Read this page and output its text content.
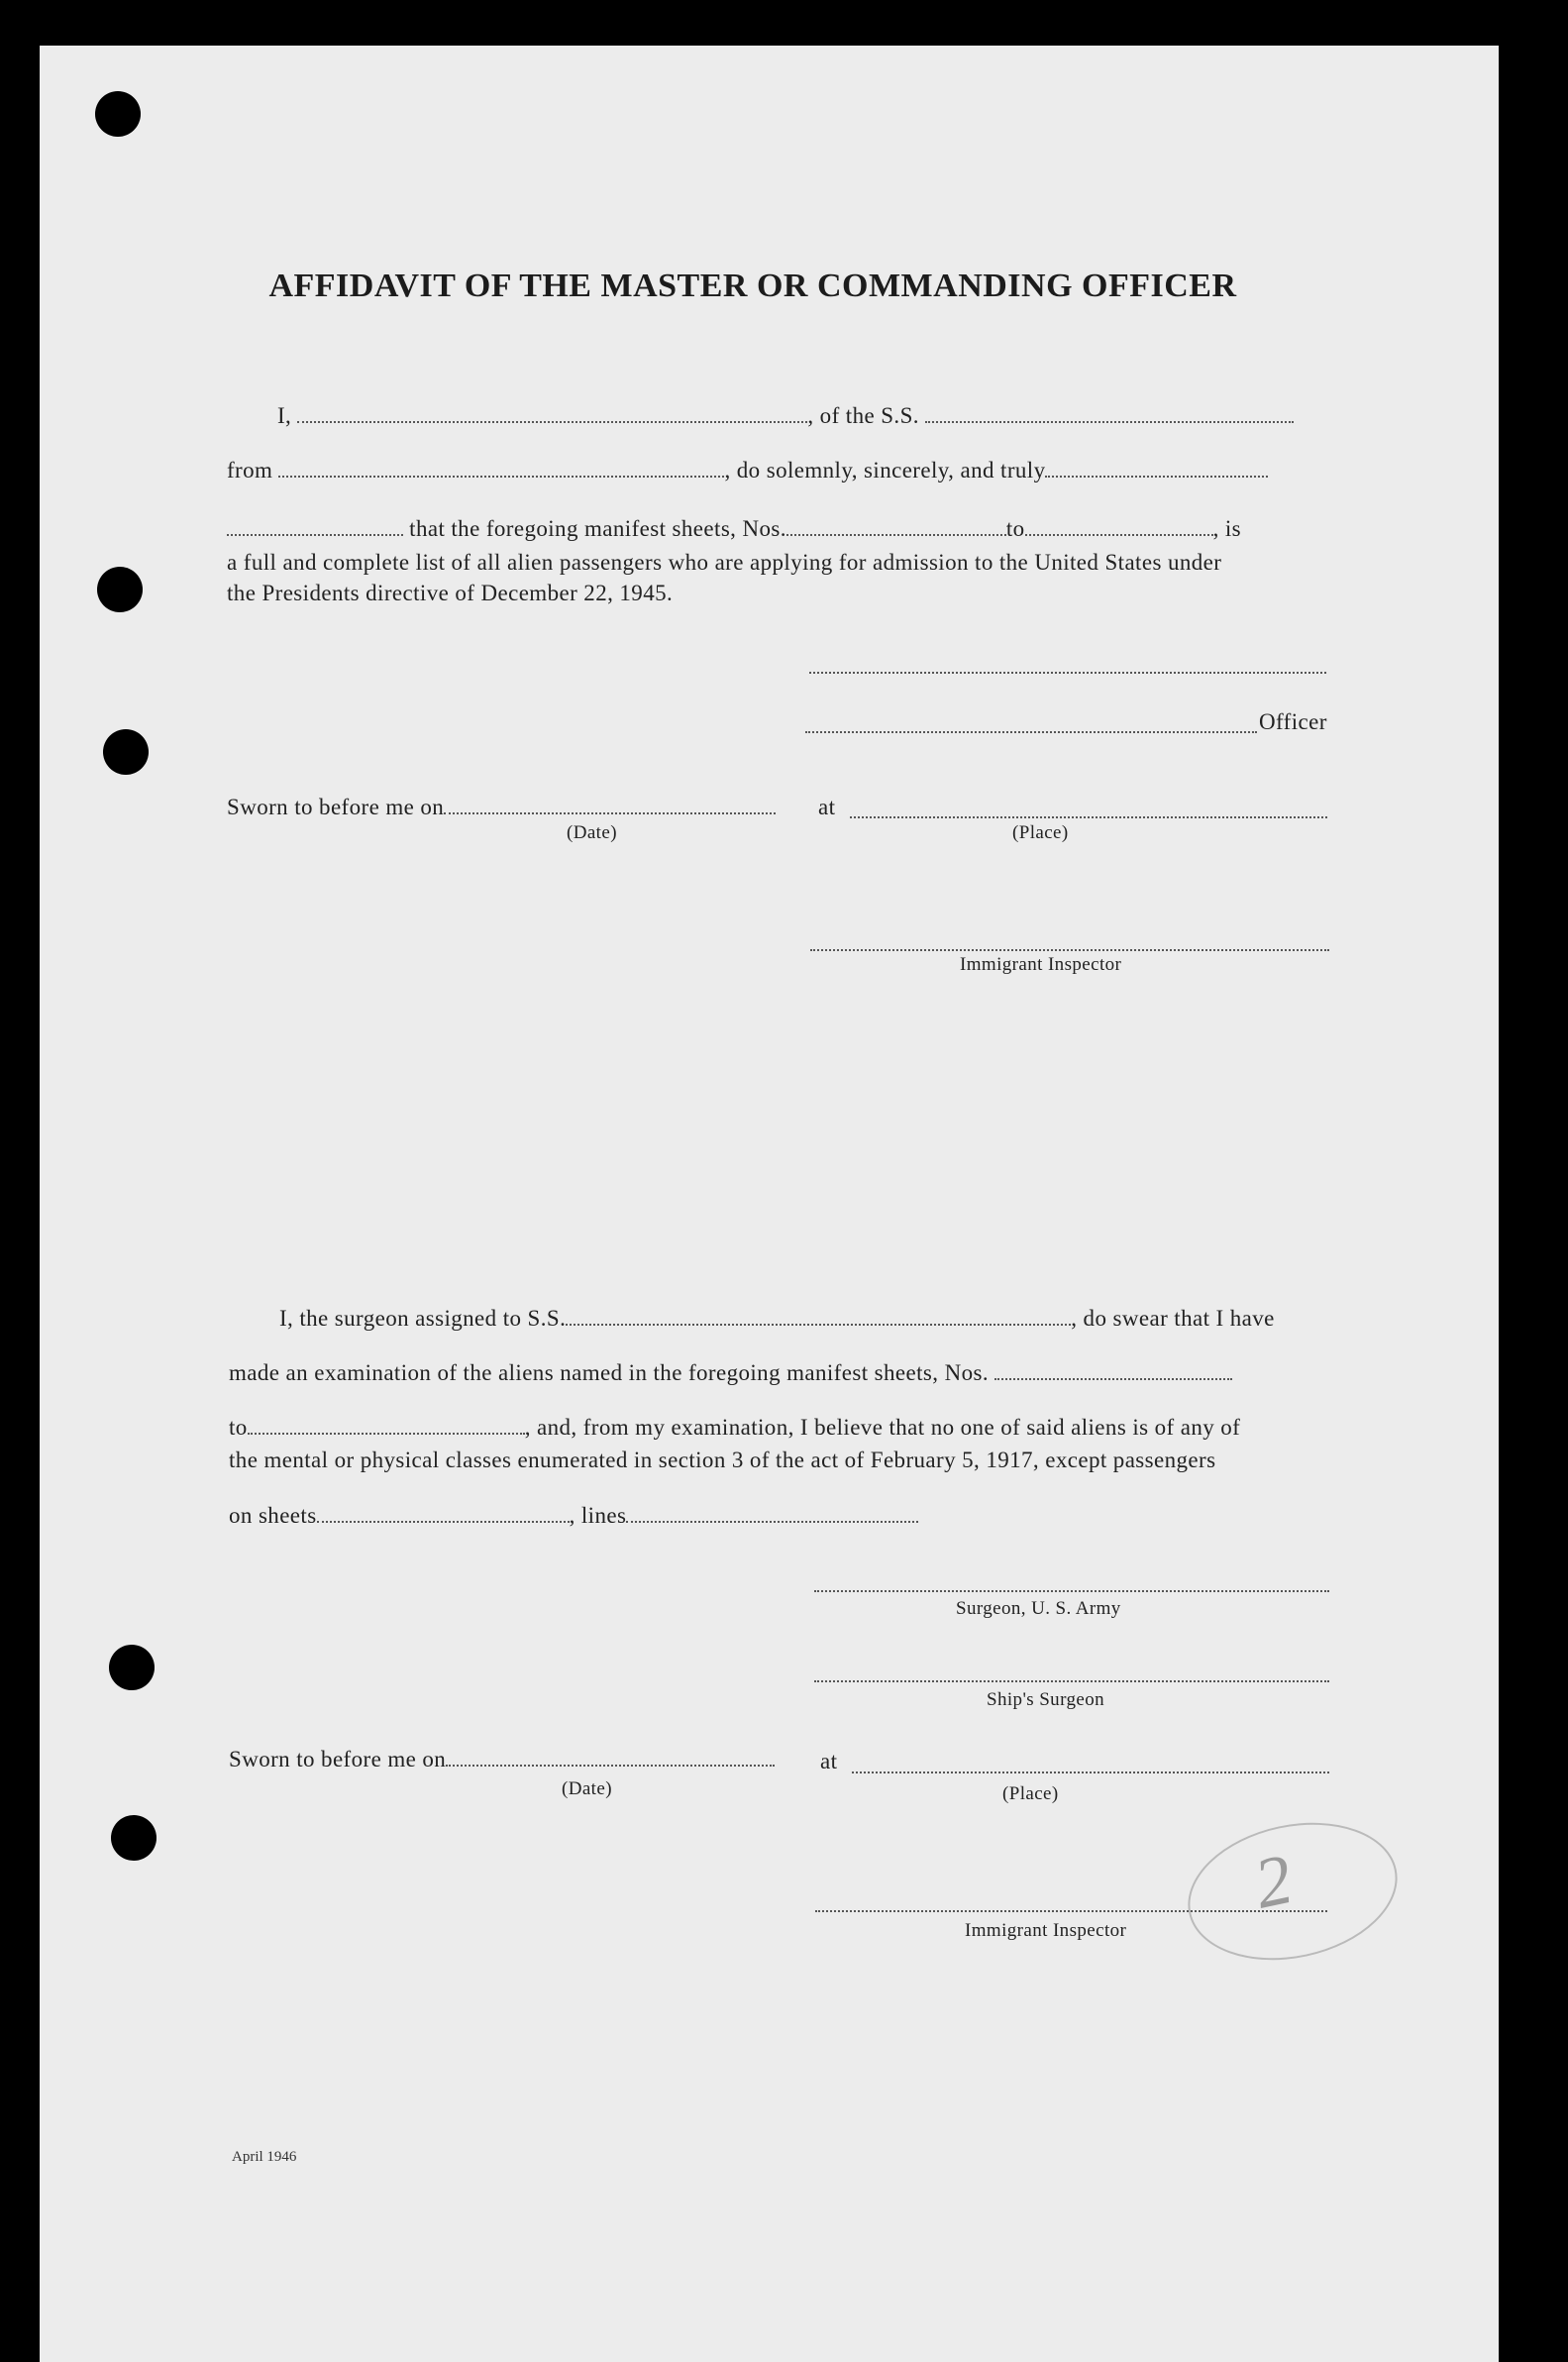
AFFIDAVIT OF THE MASTER OR COMMANDING OFFICER
I,	, of the S.S.
from	, do solemnly, sincerely, and truly
that the foregoing manifest sheets, Nos.	to	, is
a full and complete list of all alien passengers who are applying for admission to the United States under
the Presidents directive of December 22, 1945.
Officer
Sworn to before me on	at
(Date)	(Place)
Immigrant Inspector
I, the surgeon assigned to S.S.	, do swear that I have
made an examination of the aliens named in the foregoing manifest sheets, Nos.
to	, and, from my examination, I believe that no one of said aliens is of any of
the mental or physical classes enumerated in section 3 of the act of February 5, 1917, except passengers
on sheets	, lines
Surgeon, U. S. Army
Ship's Surgeon
Sworn to before me on	at
(Date)	(Place)
Immigrant Inspector
2
April 1946
